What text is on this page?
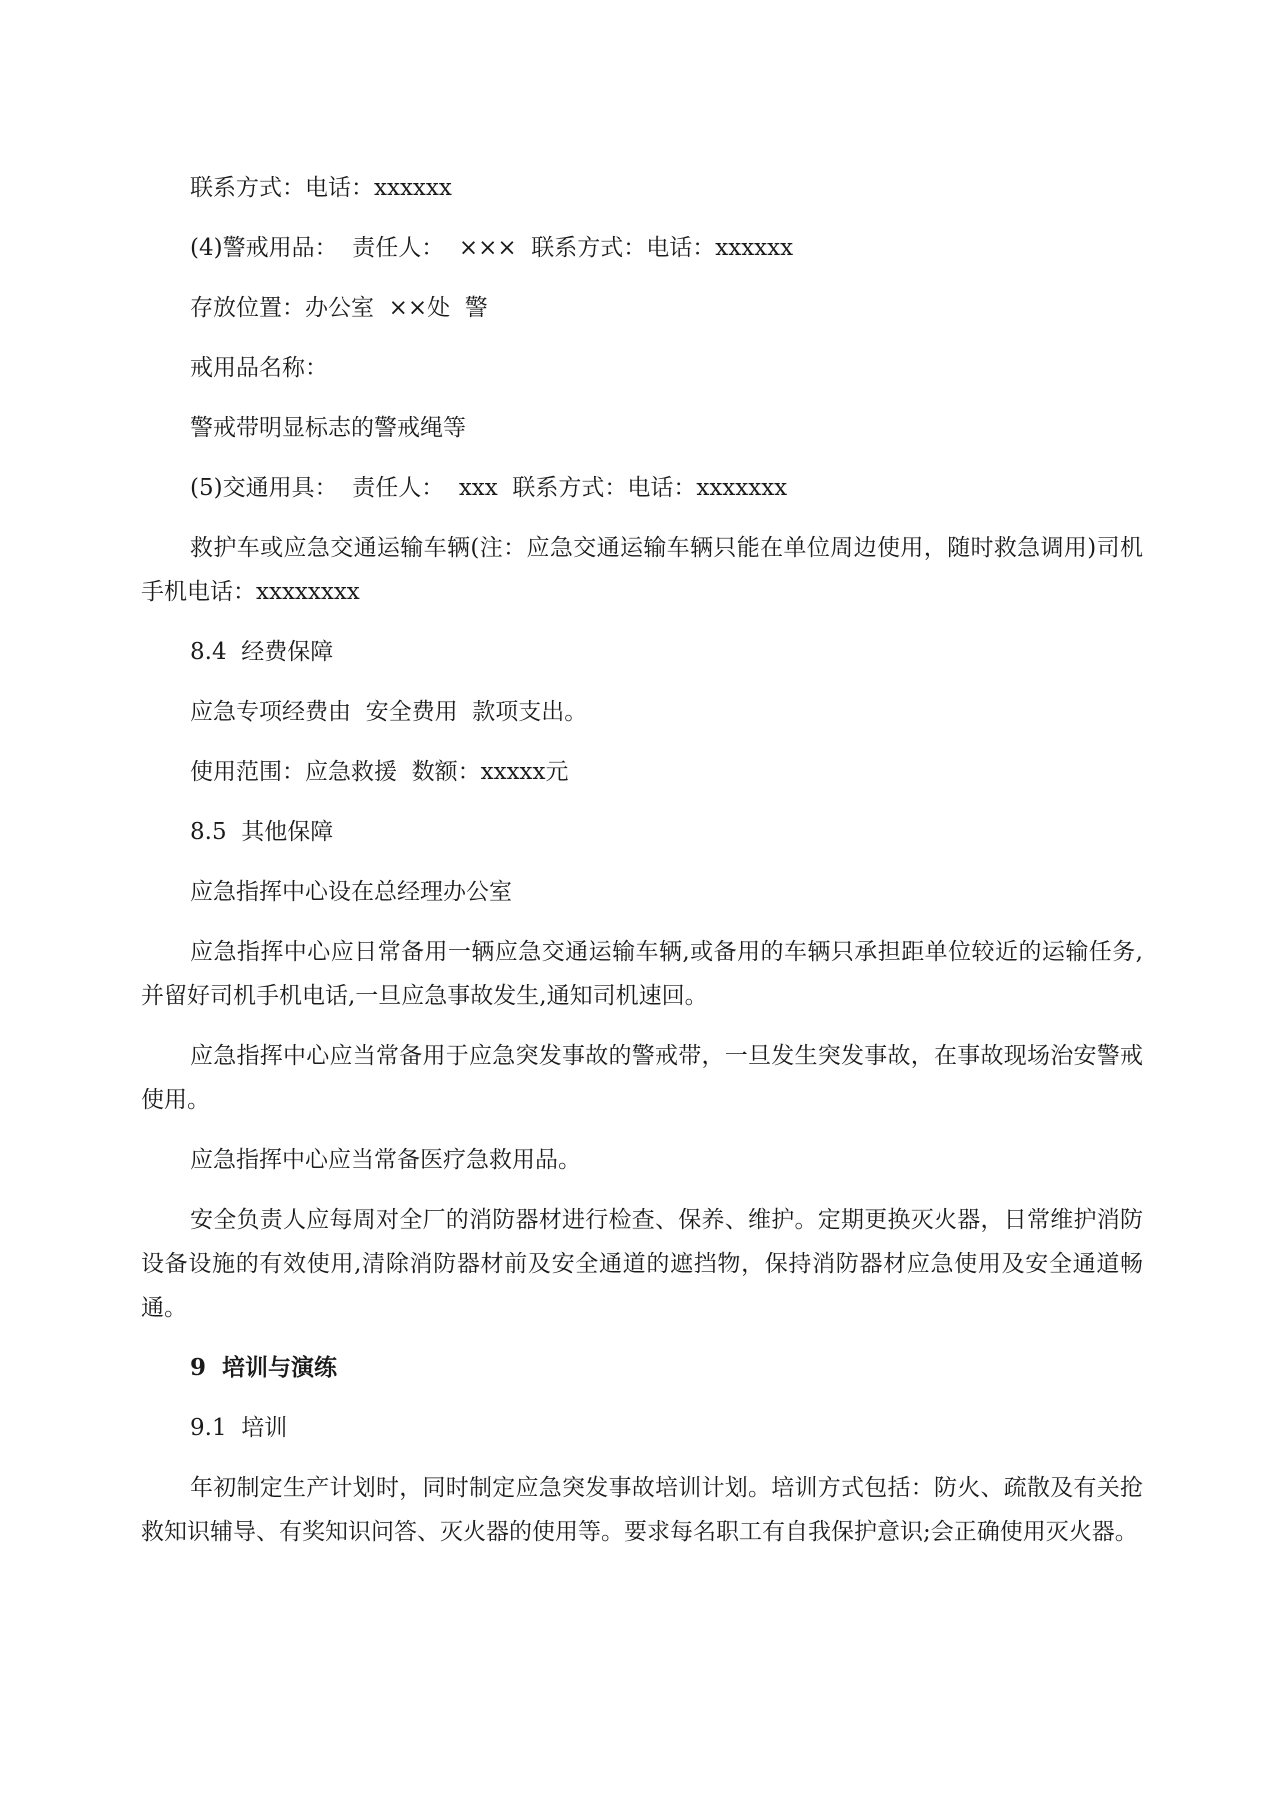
联系方式：电话：xxxxxx

(4)警戒用品：  责任人：  ×××  联系方式：电话：xxxxxx

存放位置：办公室  ××处  警

戒用品名称：

警戒带明显标志的警戒绳等

(5)交通用具：  责任人：  xxx  联系方式：电话：xxxxxxx

救护车或应急交通运输车辆(注：应急交通运输车辆只能在单位周边使用，随时救急调用)司机手机电话：xxxxxxxx

8.4  经费保障

应急专项经费由  安全费用  款项支出。

使用范围：应急救援  数额：xxxxx元

8.5  其他保障

应急指挥中心设在总经理办公室

应急指挥中心应日常备用一辆应急交通运输车辆,或备用的车辆只承担距单位较近的运输任务,并留好司机手机电话,一旦应急事故发生,通知司机速回。

应急指挥中心应当常备用于应急突发事故的警戒带，一旦发生突发事故，在事故现场治安警戒使用。

应急指挥中心应当常备医疗急救用品。

安全负责人应每周对全厂的消防器材进行检查、保养、维护。定期更换灭火器，日常维护消防设备设施的有效使用,清除消防器材前及安全通道的遮挡物，保持消防器材应急使用及安全通道畅通。

9  培训与演练

9.1  培训

年初制定生产计划时，同时制定应急突发事故培训计划。培训方式包括：防火、疏散及有关抢救知识辅导、有奖知识问答、灭火器的使用等。要求每名职工有自我保护意识;会正确使用灭火器。
